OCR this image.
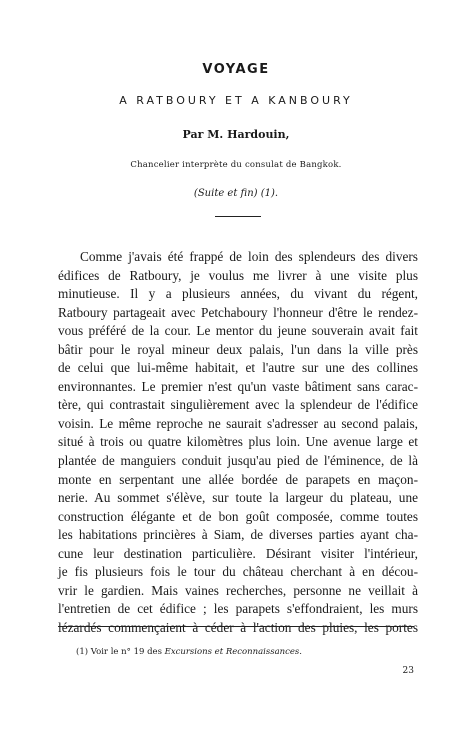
VOYAGE
A RATBOURY ET A KANBOURY
Par M. Hardouin,
Chancelier interprète du consulat de Bangkok.
(Suite et fin) (1).
Comme j'avais été frappé de loin des splendeurs des divers
édifices de Ratboury, je voulus me livrer à une visite plus
minutieuse. Il y a plusieurs années, du vivant du régent,
Ratboury partageait avec Petchaboury l'honneur d'être le rendez-
vous préféré de la cour. Le mentor du jeune souverain avait fait
bâtir pour le royal mineur deux palais, l'un dans la ville près
de celui que lui-même habitait, et l'autre sur une des collines
environnantes. Le premier n'est qu'un vaste bâtiment sans carac-
tère, qui contrastait singulièrement avec la splendeur de l'édifice
voisin. Le même reproche ne saurait s'adresser au second palais,
situé à trois ou quatre kilomètres plus loin. Une avenue large et
plantée de manguiers conduit jusqu'au pied de l'éminence, de là
monte en serpentant une allée bordée de parapets en maçon-
nerie. Au sommet s'élève, sur toute la largeur du plateau, une
construction élégante et de bon goût composée, comme toutes
les habitations princières à Siam, de diverses parties ayant cha-
cune leur destination particulière. Désirant visiter l'intérieur,
je fis plusieurs fois le tour du château cherchant à en décou-
vrir le gardien. Mais vaines recherches, personne ne veillait à
l'entretien de cet édifice ; les parapets s'effondraient, les murs
lézardés commençaient à céder à l'action des pluies, les portes
(1) Voir le n° 19 des Excursions et Reconnaissances.
23
